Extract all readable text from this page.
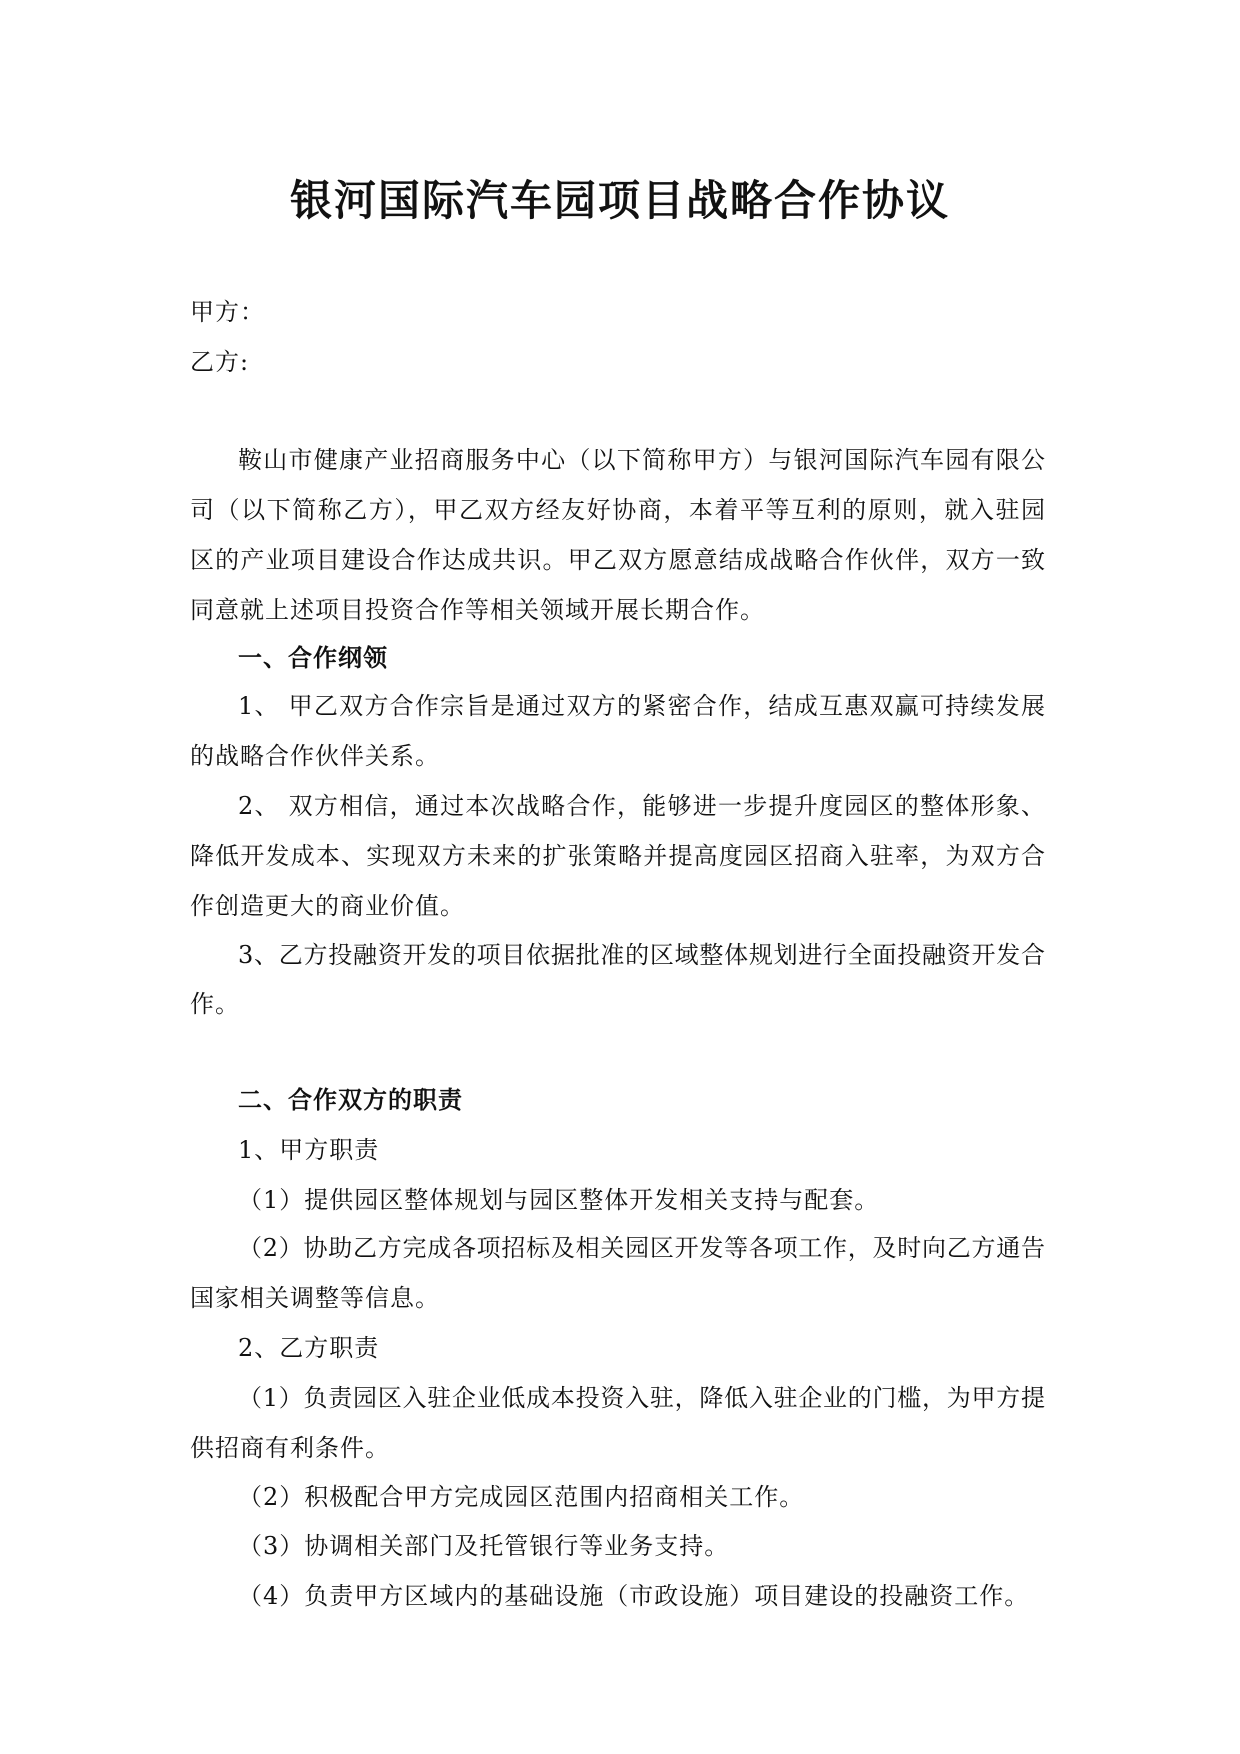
银河国际汽车园项目战略合作协议

甲方：

乙方:

鞍山市健康产业招商服务中心（以下简称甲方）与银河国际汽车园有限公

司（以下简称乙方），甲乙双方经友好协商，本着平等互利的原则，就入驻园

区的产业项目建设合作达成共识。甲乙双方愿意结成战略合作伙伴，双方一致

同意就上述项目投资合作等相关领域开展长期合作。

一、合作纲领

1、 甲乙双方合作宗旨是通过双方的紧密合作，结成互惠双赢可持续发展

的战略合作伙伴关系。

2、 双方相信，通过本次战略合作，能够进一步提升度园区的整体形象、

降低开发成本、实现双方未来的扩张策略并提高度园区招商入驻率，为双方合

作创造更大的商业价值。

3、乙方投融资开发的项目依据批准的区域整体规划进行全面投融资开发合

作。

二、合作双方的职责

1、甲方职责

（1）提供园区整体规划与园区整体开发相关支持与配套。

（2）协助乙方完成各项招标及相关园区开发等各项工作，及时向乙方通告

国家相关调整等信息。

2、乙方职责

（1）负责园区入驻企业低成本投资入驻，降低入驻企业的门槛，为甲方提

供招商有利条件。

（2）积极配合甲方完成园区范围内招商相关工作。

（3）协调相关部门及托管银行等业务支持。

（4）负责甲方区域内的基础设施（市政设施）项目建设的投融资工作。
